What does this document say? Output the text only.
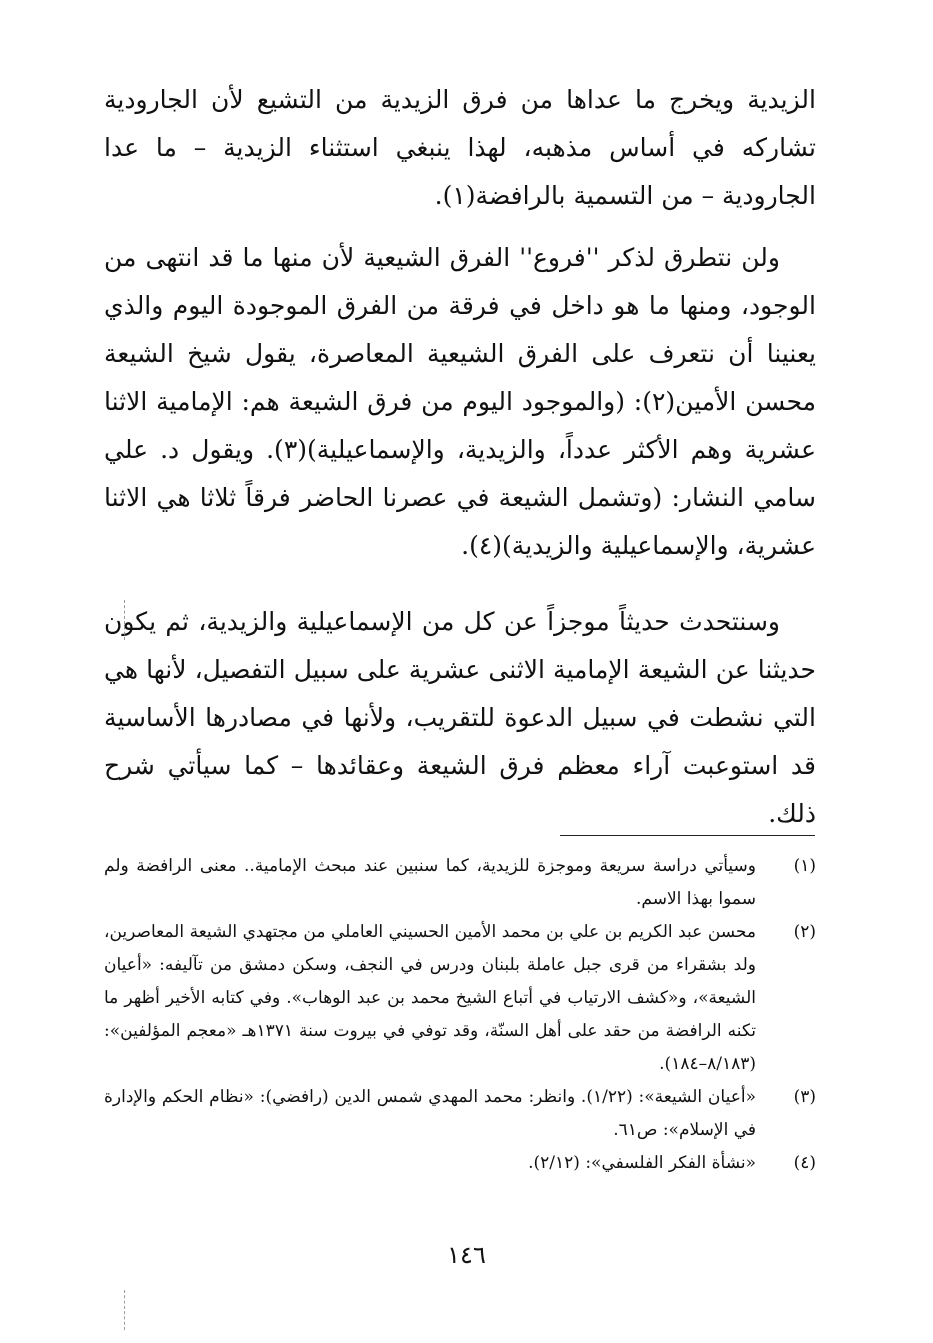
الزيدية ويخرج ما عداها من فرق الزيدية من التشيع لأن الجارودية تشاركه في أساس مذهبه، لهذا ينبغي استثناء الزيدية – ما عدا الجارودية – من التسمية بالرافضة(١).

ولن نتطرق لذكر ''فروع'' الفرق الشيعية لأن منها ما قد انتهى من الوجود، ومنها ما هو داخل في فرقة من الفرق الموجودة اليوم والذي يعنينا أن نتعرف على الفرق الشيعية المعاصرة، يقول شيخ الشيعة محسن الأمين(٢): (والموجود اليوم من فرق الشيعة هم: الإمامية الاثنا عشرية وهم الأكثر عدداً، والزيدية، والإسماعيلية)(٣). ويقول د. علي سامي النشار: (وتشمل الشيعة في عصرنا الحاضر فرقاً ثلاثا هي الاثنا عشرية، والإسماعيلية والزيدية)(٤).

وسنتحدث حديثاً موجزاً عن كل من الإسماعيلية والزيدية، ثم يكون حديثنا عن الشيعة الإمامية الاثنى عشرية على سبيل التفصيل، لأنها هي التي نشطت في سبيل الدعوة للتقريب، ولأنها في مصادرها الأساسية قد استوعبت آراء معظم فرق الشيعة وعقائدها – كما سيأتي شرح ذلك.

(١)
وسيأتي دراسة سريعة وموجزة للزيدية، كما سنبين عند مبحث الإمامية.. معنى الرافضة ولم سموا بهذا الاسم.
(٢)
محسن عبد الكريم بن علي بن محمد الأمين الحسيني العاملي من مجتهدي الشيعة المعاصرين، ولد بشقراء من قرى جبل عاملة بلبنان ودرس في النجف، وسكن دمشق من تآليفه: «أعيان الشيعة»، و«كشف الارتياب في أتباع الشيخ محمد بن عبد الوهاب». وفي كتابه الأخير أظهر ما تكنه الرافضة من حقد على أهل السنّة، وقد توفي في بيروت سنة ١٣٧١هـ «معجم المؤلفين»: (٨/١٨٣–١٨٤).
(٣)
«أعيان الشيعة»: (١/٢٢). وانظر: محمد المهدي شمس الدين (رافضي): «نظام الحكم والإدارة في الإسلام»: ص٦١.
(٤)
«نشأة الفكر الفلسفي»: (٢/١٢).
١٤٦
